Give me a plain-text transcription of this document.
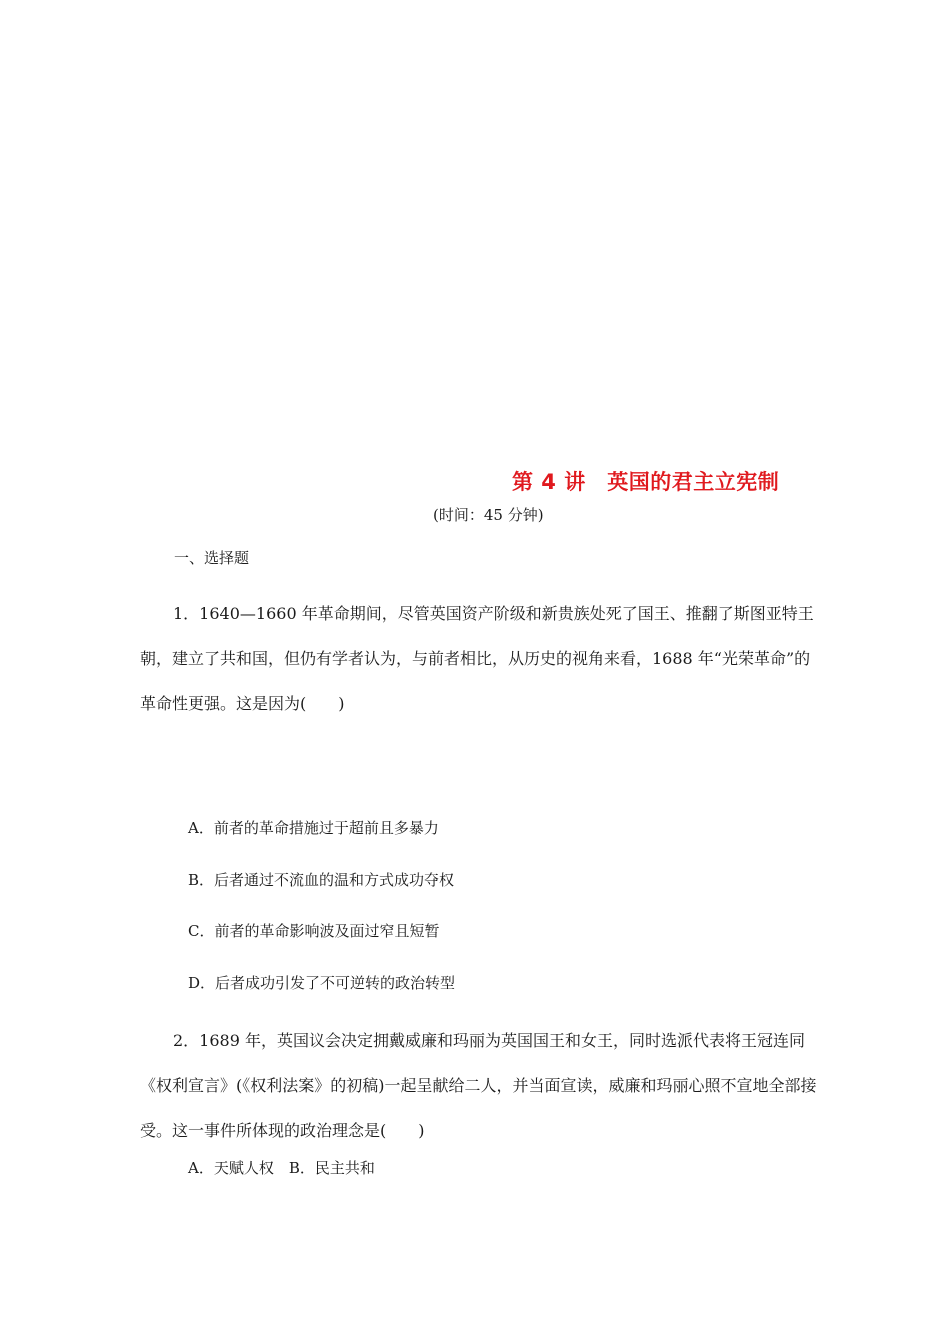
第 4 讲　英国的君主立宪制
(时间：45 分钟)
一、选择题
1．1640—1660 年革命期间，尽管英国资产阶级和新贵族处死了国王、推翻了斯图亚特王朝，建立了共和国，但仍有学者认为，与前者相比，从历史的视角来看，1688 年“光荣革命”的革命性更强。这是因为(　　)
A．前者的革命措施过于超前且多暴力
B．后者通过不流血的温和方式成功夺权
C．前者的革命影响波及面过窄且短暂
D．后者成功引发了不可逆转的政治转型
2．1689 年，英国议会决定拥戴威廉和玛丽为英国国王和女王，同时选派代表将王冠连同《权利宣言》(《权利法案》的初稿)一起呈献给二人，并当面宣读，威廉和玛丽心照不宣地全部接受。这一事件所体现的政治理念是(　　)
A．天赋人权　B．民主共和
